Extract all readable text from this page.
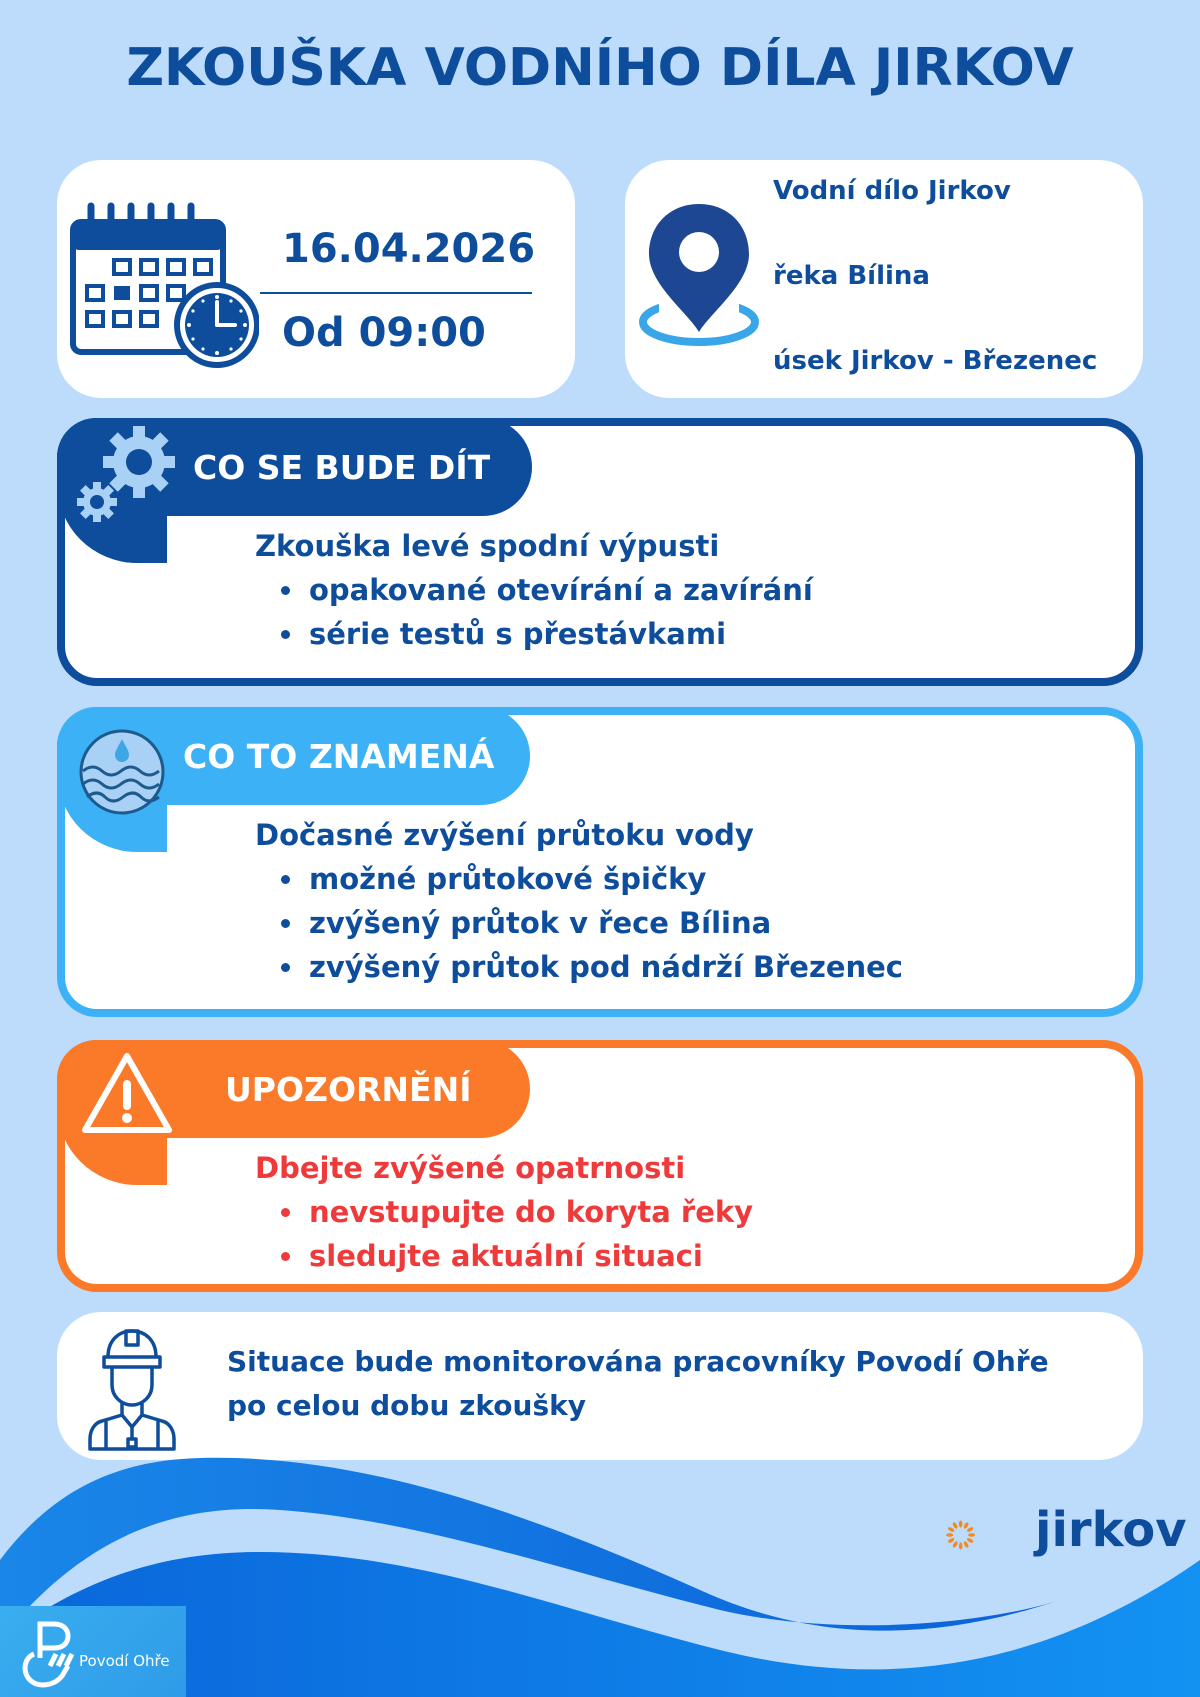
ZKOUŠKA VODNÍHO DÍLA JIRKOV
16.04.2026
Od 09:00
Vodní dílo Jirkov
řeka Bílina
úsek Jirkov - Březenec
CO SE BUDE DÍT
Zkouška levé spodní výpusti
opakované otevírání a zavírání
série testů s přestávkami
CO TO ZNAMENÁ
Dočasné zvýšení průtoku vody
možné průtokové špičky
zvýšený průtok v řece Bílina
zvýšený průtok pod nádrží Březenec
UPOZORNĚNÍ
Dbejte zvýšené opatrnosti
nevstupujte do koryta řeky
sledujte aktuální situaci
Situace bude monitorována pracovníky Povodí Ohře
po celou dobu zkoušky
jirkov
Povodí Ohře
